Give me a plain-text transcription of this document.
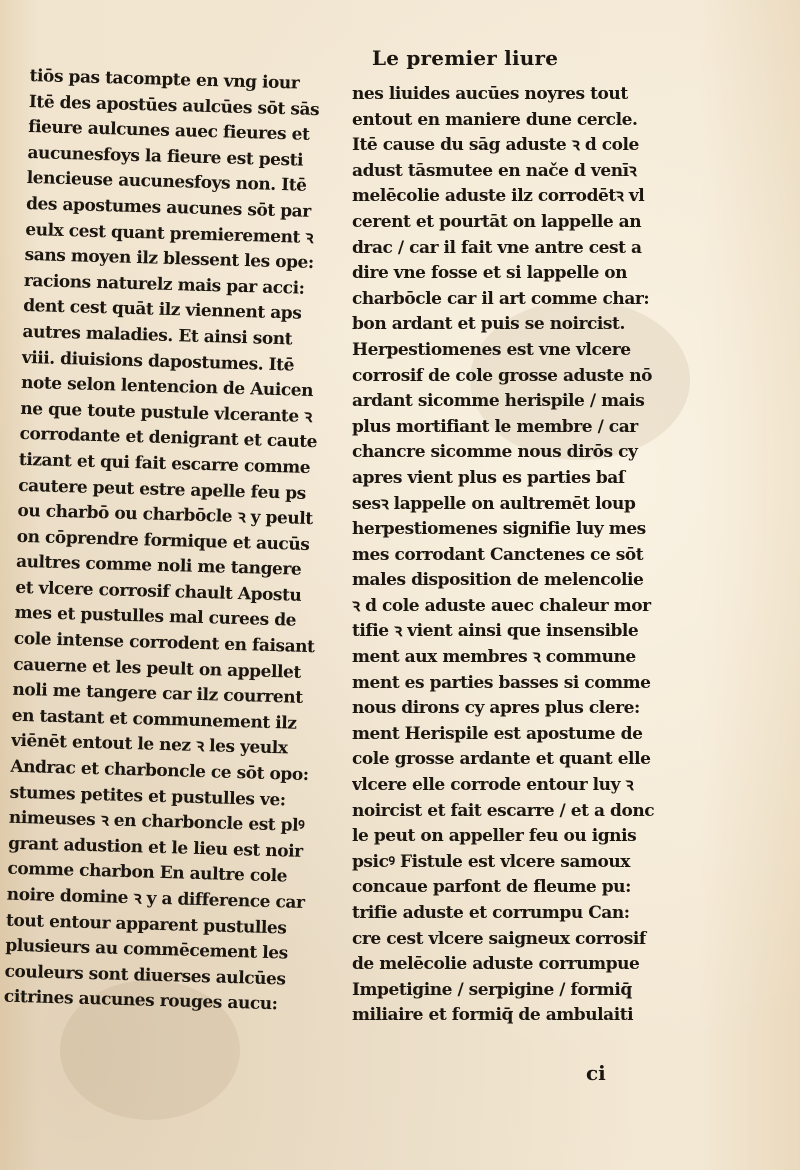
Le premier liure
tiōs pas tacompte en vng iour
Itē des apostūes aulcūes sōt sās
fieure aulcunes auec fieures et
aucunesfoys la fieure est pesti
lencieuse aucunesfoys non. Itē
des apostumes aucunes sōt par
eulx cest quant premierement ꝛ
sans moyen ilz blessent les ope:
racions naturelz mais par acci:
dent cest quāt ilz viennent aps
autres maladies. Et ainsi sont
viii. diuisions dapostumes. Itē
note selon lentencion de Auicen
ne que toute pustule vlcerante ꝛ
corrodante et denigrant et caute
tizant et qui fait escarre comme
cautere peut estre apelle feu ps
ou charbō ou charbōcle ꝛ y peult
on cōprendre formique et aucūs
aultres comme noli me tangere
et vlcere corrosif chault Apostu
mes et pustulles mal curees de
cole intense corrodent en faisant
cauerne et les peult on appellet
noli me tangere car ilz courrent
en tastant et communement ilz
viēnēt entout le nez ꝛ les yeulx
Andrac et charboncle ce sōt opo:
stumes petites et pustulles ve:
nimeuses ꝛ en charboncle est plꝰ
grant adustion et le lieu est noir
comme charbon En aultre cole
noire domine ꝛ y a difference car
tout entour apparent pustulles
plusieurs au commēcement les
couleurs sont diuerses aulcūes
citrines aucunes rouges aucu:
nes liuides aucūes noyres tout
entout en maniere dune cercle.
Itē cause du sāg aduste ꝛ d cole
adust tāsmutee en nače d venīꝛ
melēcolie aduste ilz corrodētꝛ vl
cerent et pourtāt on lappelle an
drac / car il fait vne antre cest a
dire vne fosse et si lappelle on
charbōcle car il art comme char:
bon ardant et puis se noircist.
Herpestiomenes est vne vlcere
corrosif de cole grosse aduste nō
ardant sicomme herispile / mais
plus mortifiant le membre / car
chancre sicomme nous dirōs cy
apres vient plus es parties baſ
sesꝛ lappelle on aultremēt loup
herpestiomenes signifie luy mes
mes corrodant Canctenes ce sōt
males disposition de melencolie
ꝛ d cole aduste auec chaleur mor
tifie ꝛ vient ainsi que insensible
ment aux membres ꝛ commune
ment es parties basses si comme
nous dirons cy apres plus clere:
ment Herispile est apostume de
cole grosse ardante et quant elle
vlcere elle corrode entour luy ꝛ
noircist et fait escarre / et a donc
le peut on appeller feu ou ignis
psicꝰ Fistule est vlcere samoux
concaue parfont de fleume pu:
trifie aduste et corrumpu Can:
cre cest vlcere saigneux corrosif
de melēcolie aduste corrumpue
Impetigine / serpigine / formiq̄
miliaire et formiq̄ de ambulaiti
ci
